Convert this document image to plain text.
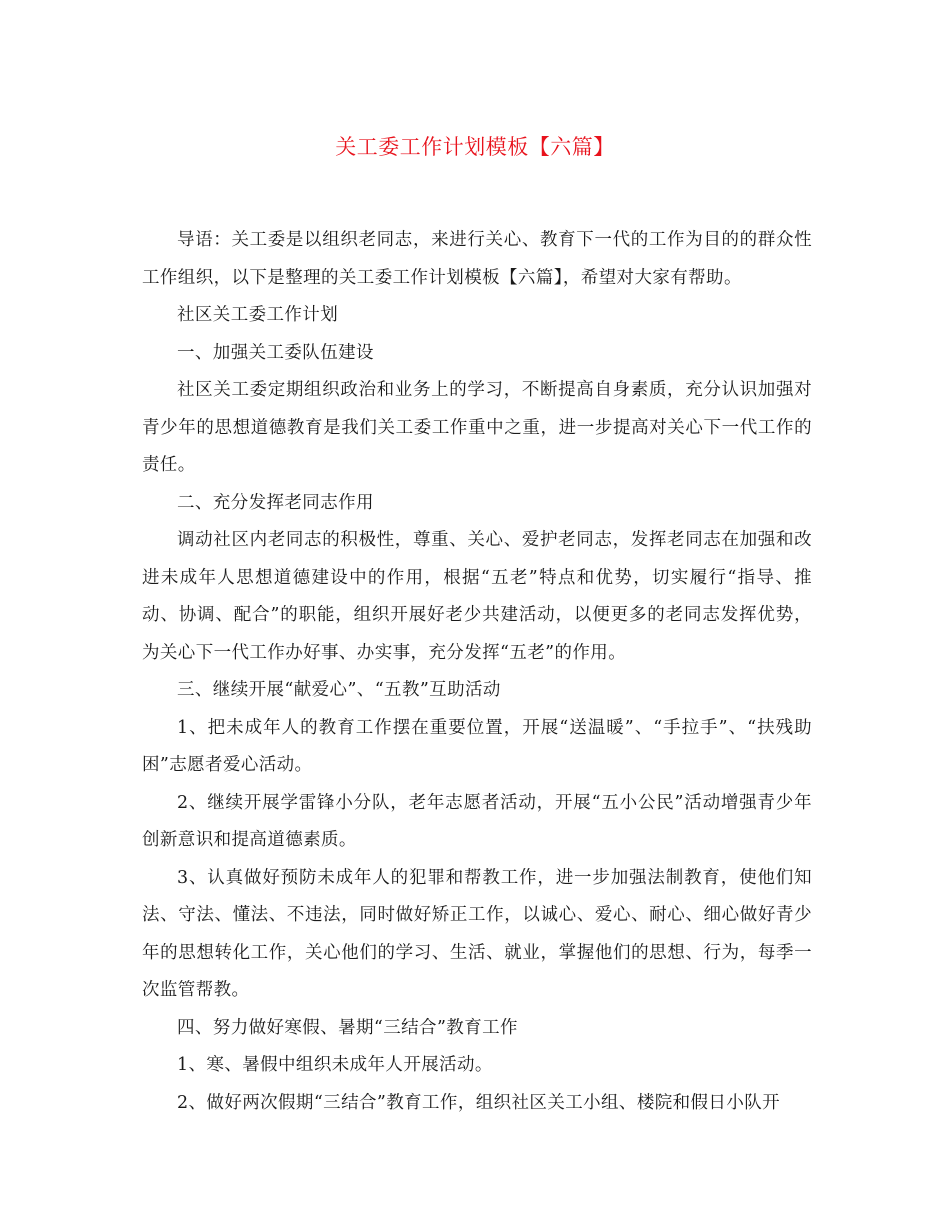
关工委工作计划模板【六篇】

导语：关工委是以组织老同志，来进行关心、教育下一代的工作为目的的群众性工作组织，以下是整理的关工委工作计划模板【六篇】，希望对大家有帮助。

社区关工委工作计划

一、加强关工委队伍建设

社区关工委定期组织政治和业务上的学习，不断提高自身素质，充分认识加强对青少年的思想道德教育是我们关工委工作重中之重，进一步提高对关心下一代工作的责任。

二、充分发挥老同志作用

调动社区内老同志的积极性，尊重、关心、爱护老同志，发挥老同志在加强和改进未成年人思想道德建设中的作用，根据“五老”特点和优势，切实履行“指导、推动、协调、配合”的职能，组织开展好老少共建活动，以便更多的老同志发挥优势，为关心下一代工作办好事、办实事，充分发挥“五老”的作用。

三、继续开展“献爱心”、“五教”互助活动

1、把未成年人的教育工作摆在重要位置，开展“送温暖”、“手拉手”、“扶残助困”志愿者爱心活动。

2、继续开展学雷锋小分队，老年志愿者活动，开展“五小公民”活动增强青少年创新意识和提高道德素质。

3、认真做好预防未成年人的犯罪和帮教工作，进一步加强法制教育，使他们知法、守法、懂法、不违法，同时做好矫正工作，以诚心、爱心、耐心、细心做好青少年的思想转化工作，关心他们的学习、生活、就业，掌握他们的思想、行为，每季一次监管帮教。

四、努力做好寒假、暑期“三结合”教育工作

1、寒、暑假中组织未成年人开展活动。

2、做好两次假期“三结合”教育工作，组织社区关工小组、楼院和假日小队开
